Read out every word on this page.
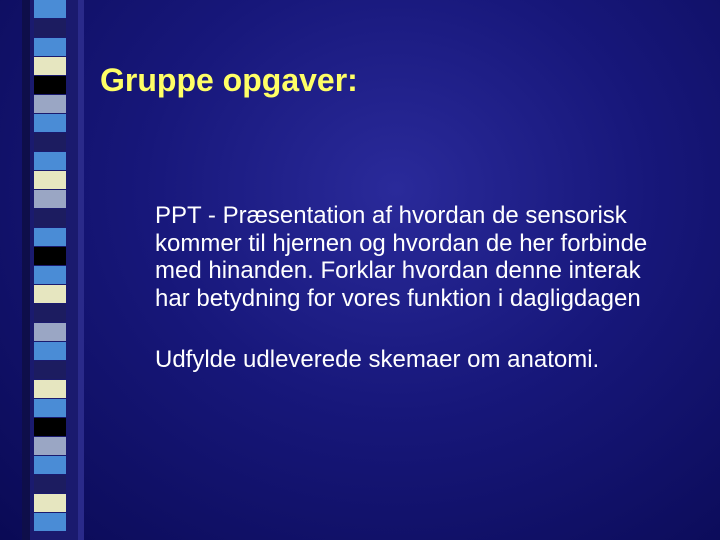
Gruppe opgaver:

PPT - Præsentation af hvordan de sensorisk
kommer til hjernen og hvordan de her forbinde
med hinanden. Forklar hvordan denne interak
har betydning for vores funktion i dagligdagen

Udfylde udleverede skemaer om anatomi.
